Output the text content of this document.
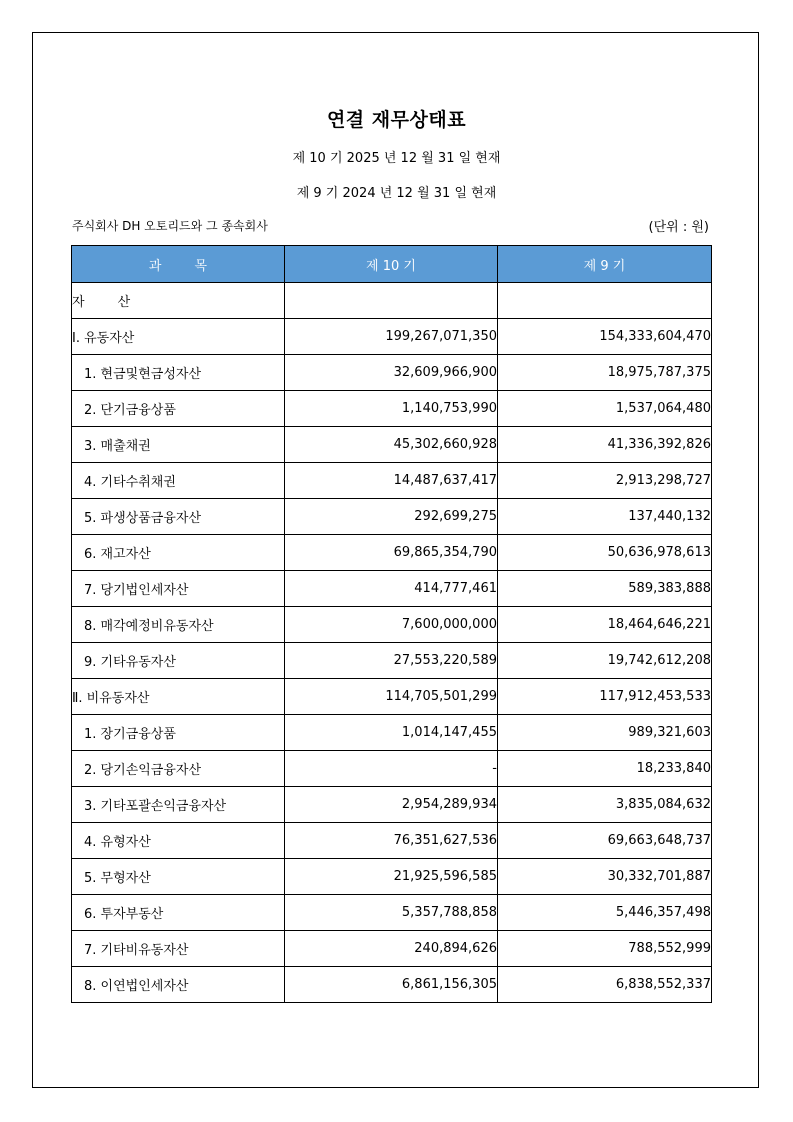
연결 재무상태표
제 10 기 2025 년 12 월 31 일 현재
제 9 기 2024 년 12 월 31 일 현재
주식회사 DH 오토리드와 그 종속회사	(단위 : 원)
과        목	제 10 기	제 9 기
자        산		
Ⅰ. 유동자산	199,267,071,350	154,333,604,470
1. 현금및현금성자산	32,609,966,900	18,975,787,375
2. 단기금융상품	1,140,753,990	1,537,064,480
3. 매출채권	45,302,660,928	41,336,392,826
4. 기타수취채권	14,487,637,417	2,913,298,727
5. 파생상품금융자산	292,699,275	137,440,132
6. 재고자산	69,865,354,790	50,636,978,613
7. 당기법인세자산	414,777,461	589,383,888
8. 매각예정비유동자산	7,600,000,000	18,464,646,221
9. 기타유동자산	27,553,220,589	19,742,612,208
Ⅱ. 비유동자산	114,705,501,299	117,912,453,533
1. 장기금융상품	1,014,147,455	989,321,603
2. 당기손익금융자산	-	18,233,840
3. 기타포괄손익금융자산	2,954,289,934	3,835,084,632
4. 유형자산	76,351,627,536	69,663,648,737
5. 무형자산	21,925,596,585	30,332,701,887
6. 투자부동산	5,357,788,858	5,446,357,498
7. 기타비유동자산	240,894,626	788,552,999
8. 이연법인세자산	6,861,156,305	6,838,552,337
